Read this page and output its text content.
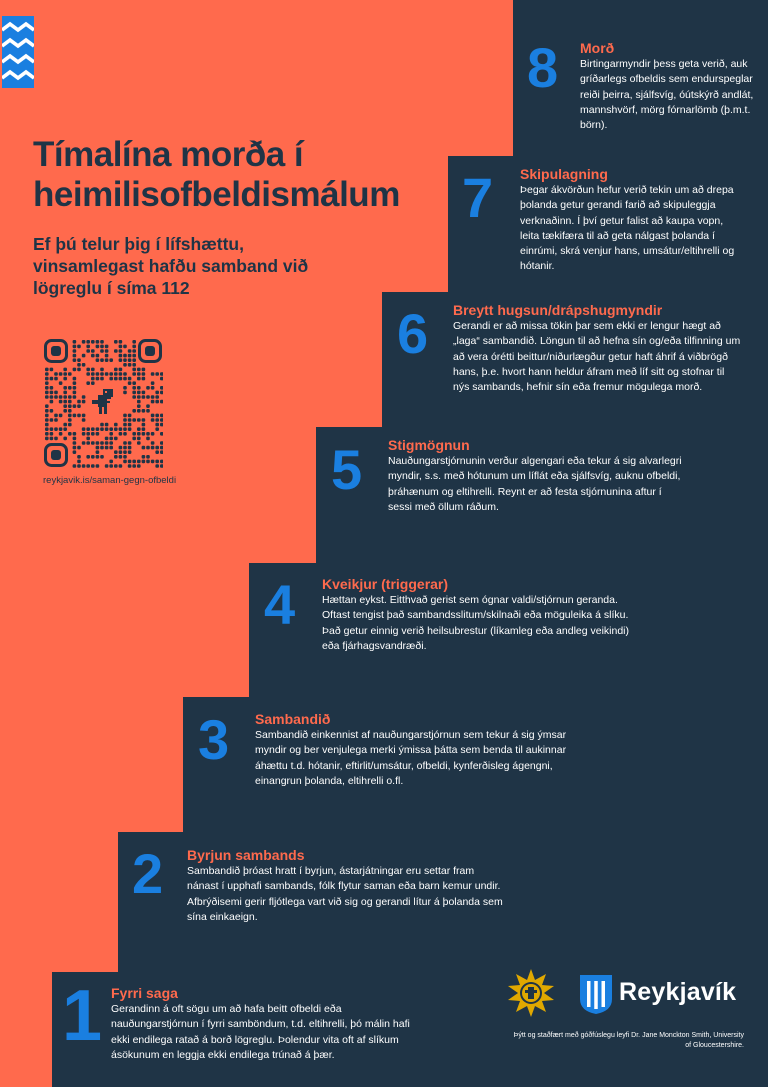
Tímalína morða í heimilisofbeldismálum

Ef þú telur þig í lífshættu, vinsamlegast hafðu samband við lögreglu í síma 112

reykjavik.is/saman-gegn-ofbeldi
8 Morð

Birtingarmyndir þess geta verið, auk gríðarlegs ofbeldis sem endurspeglar reiði þeirra, sjálfsvíg, óútskýrð andlát, mannshvörf, mörg fórnarlömb (þ.m.t. börn).

7 Skipulagning

Þegar ákvörðun hefur verið tekin um að drepa þolanda getur gerandi farið að skipuleggja verknaðinn. Í því getur falist að kaupa vopn, leita tækifæra til að geta nálgast þolanda í einrúmi, skrá venjur hans, umsátur/eltihrelli og hótanir.

6 Breytt hugsun/drápshugmyndir

Gerandi er að missa tökin þar sem ekki er lengur hægt að „laga“ sambandið. Löngun til að hefna sín og/eða tilfinning um að vera órétti beittur/niðurlægður getur haft áhrif á viðbrögð hans, þ.e. hvort hann heldur áfram með líf sitt og stofnar til nýs sambands, hefnir sín eða fremur mögulega morð.

5 Stigmögnun

Nauðungarstjórnunin verður algengari eða tekur á sig alvarlegri myndir, s.s. með hótunum um líflát eða sjálfsvíg, auknu ofbeldi, þráhænum og eltihrelli. Reynt er að festa stjórnunina aftur í sessi með öllum ráðum.

4 Kveikjur (triggerar)

Hættan eykst. Eitthvað gerist sem ógnar valdi/stjórnun geranda. Oftast tengist það sambandsslitum/skilnaði eða möguleika á slíku. Það getur einnig verið heilsubrestur (líkamleg eða andleg veikindi) eða fjárhagsvandræði.

3 Sambandið

Sambandið einkennist af nauðungarstjórnun sem tekur á sig ýmsar myndir og ber venjulega merki ýmissa þátta sem benda til aukinnar áhættu t.d. hótanir, eftirlit/umsátur, ofbeldi, kynferðisleg ágengni, einangrun þolanda, eltihrelli o.fl.

2 Byrjun sambands

Sambandið þróast hratt í byrjun, ástarjátningar eru settar fram nánast í upphafi sambands, fólk flytur saman eða barn kemur undir. Afbrýðisemi gerir fljótlega vart við sig og gerandi lítur á þolanda sem sína einkaeign.

1 Fyrri saga

Gerandinn á oft sögu um að hafa beitt ofbeldi eða nauðungarstjórnun í fyrri samböndum, t.d. eltihrelli, þó málin hafi ekki endilega ratað á borð lögreglu. Þolendur vita oft af slíkum ásökunum en leggja ekki endilega trúnað á þær.

Reykjavík
Þýtt og staðfært með góðfúslegu leyfi Dr. Jane Monckton Smith, University of Gloucestershire.
